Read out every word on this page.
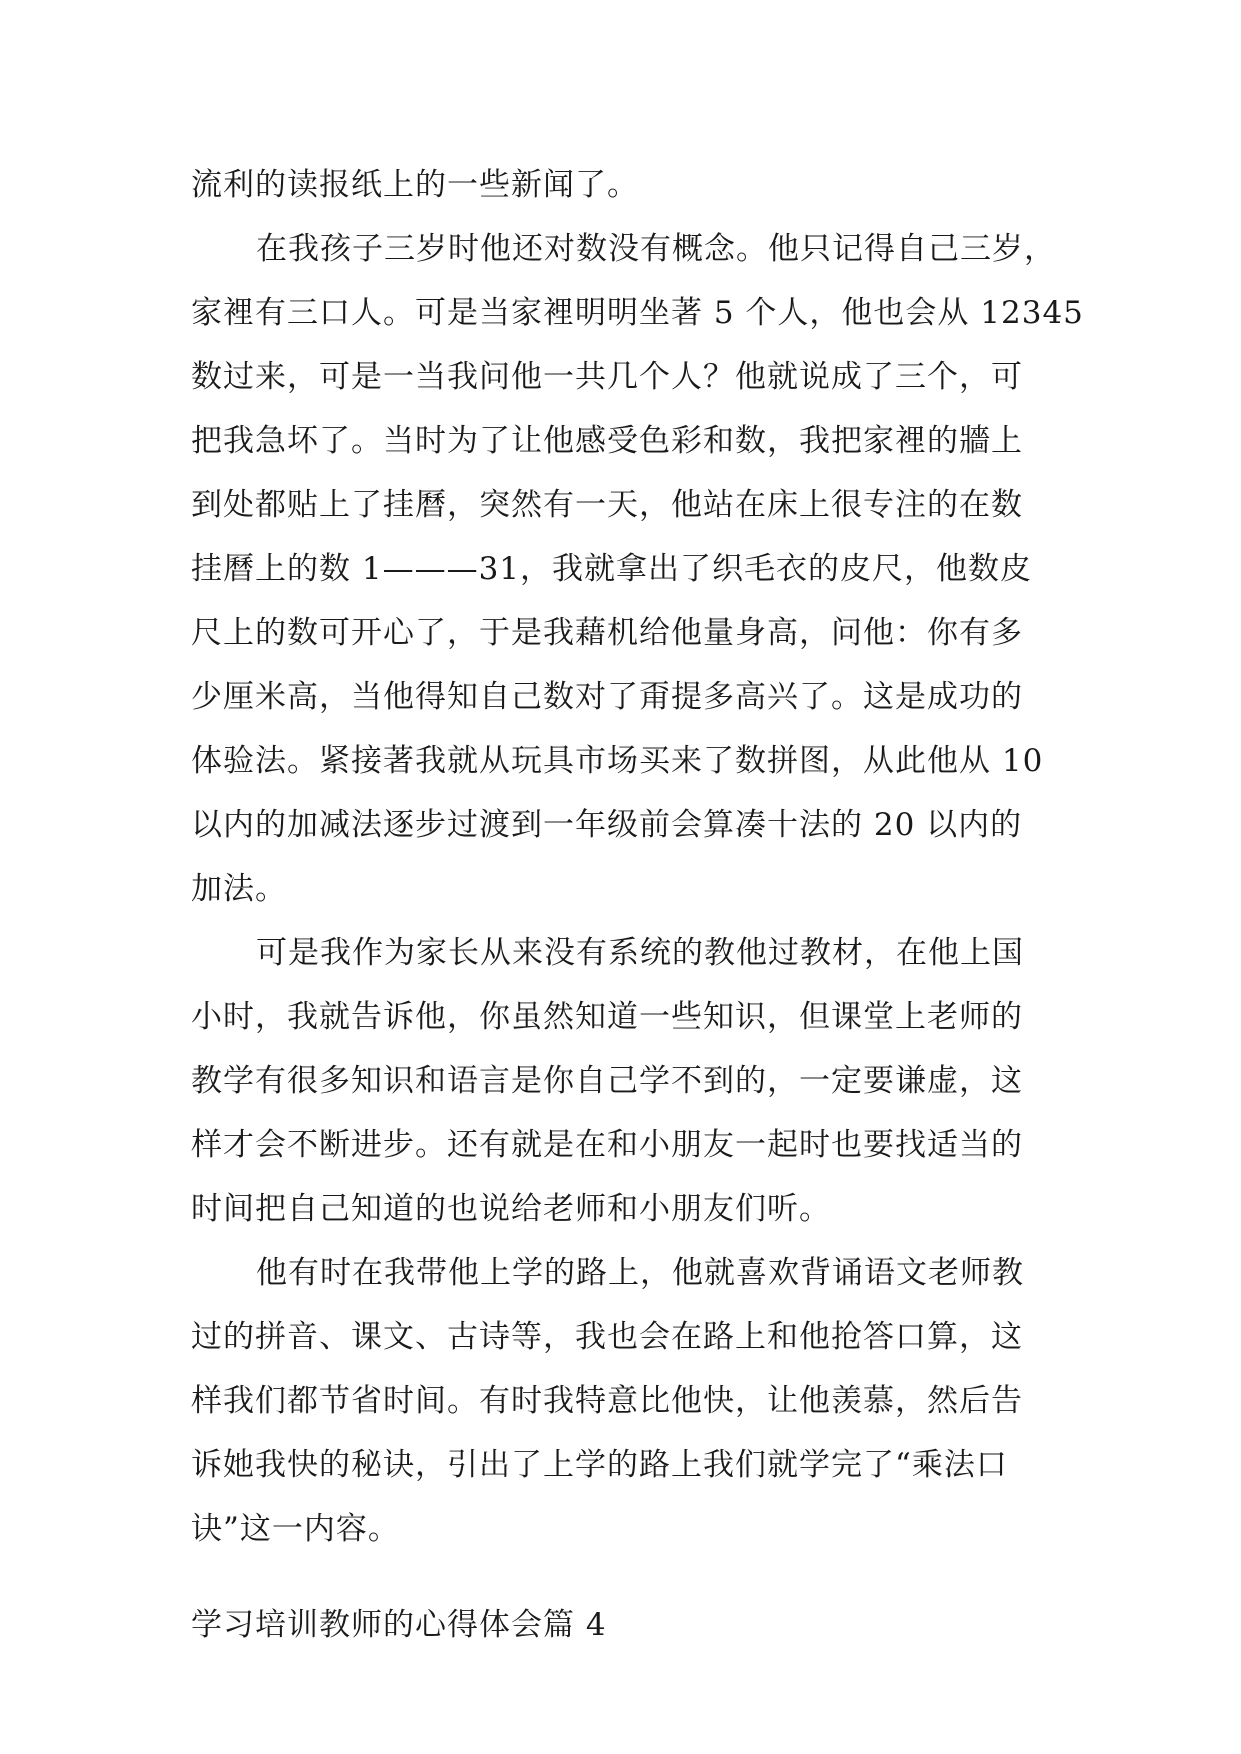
流利的读报纸上的一些新闻了。
在我孩子三岁时他还对数没有概念。他只记得自己三岁，
家裡有三口人。可是当家裡明明坐著 5 个人，他也会从 12345
数过来，可是一当我问他一共几个人？他就说成了三个，可
把我急坏了。当时为了让他感受色彩和数，我把家裡的牆上
到处都贴上了挂曆，突然有一天，他站在床上很专注的在数
挂曆上的数 1———31，我就拿出了织毛衣的皮尺，他数皮
尺上的数可开心了，于是我藉机给他量身高，问他：你有多
少厘米高，当他得知自己数对了甭提多高兴了。这是成功的
体验法。紧接著我就从玩具市场买来了数拼图，从此他从 10
以内的加减法逐步过渡到一年级前会算凑十法的 20 以内的
加法。
可是我作为家长从来没有系统的教他过教材，在他上国
小时，我就告诉他，你虽然知道一些知识，但课堂上老师的
教学有很多知识和语言是你自己学不到的，一定要谦虚，这
样才会不断进步。还有就是在和小朋友一起时也要找适当的
时间把自己知道的也说给老师和小朋友们听。
他有时在我带他上学的路上，他就喜欢背诵语文老师教
过的拼音、课文、古诗等，我也会在路上和他抢答口算，这
样我们都节省时间。有时我特意比他快，让他羡慕，然后告
诉她我快的秘诀，引出了上学的路上我们就学完了“乘法口
诀”这一内容。
学习培训教师的心得体会篇 4
